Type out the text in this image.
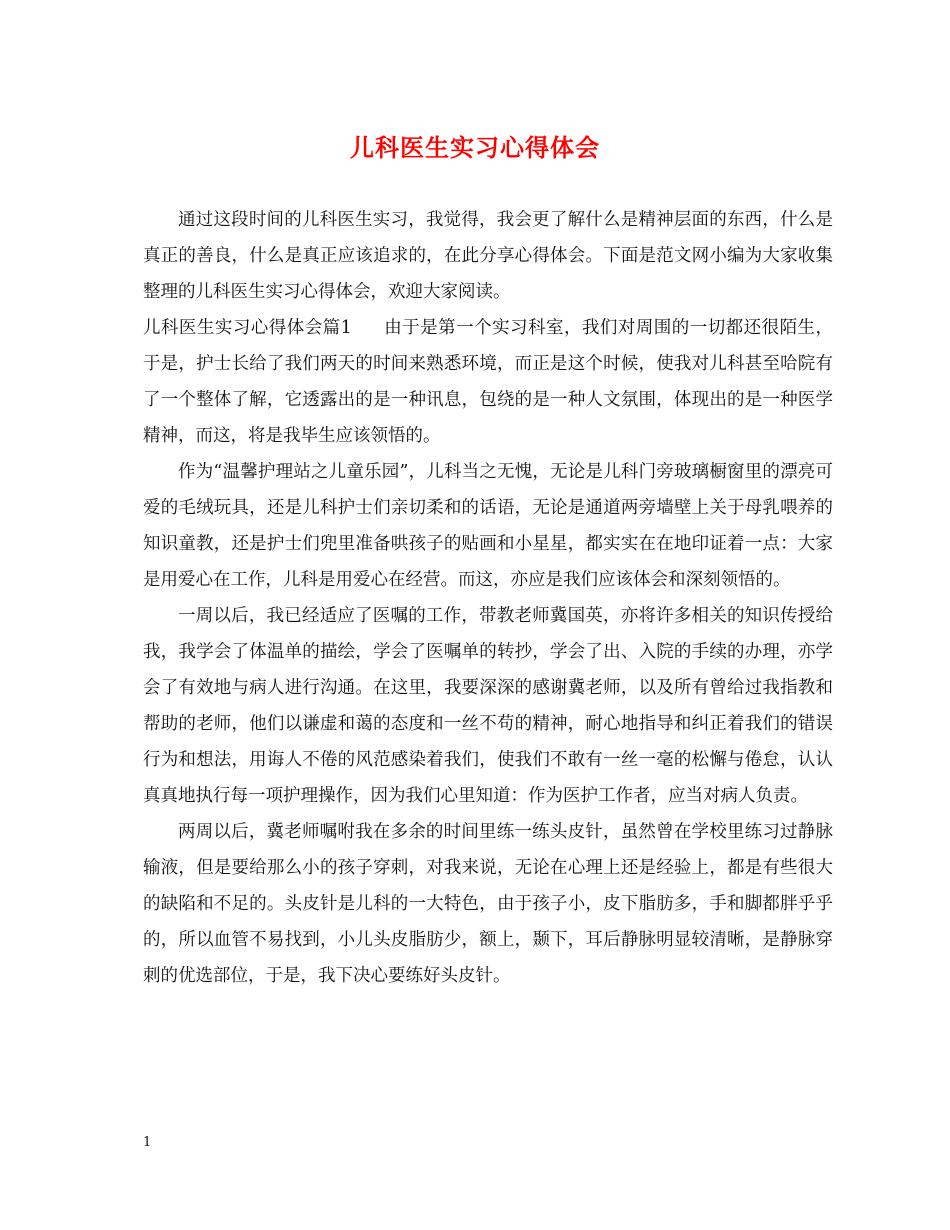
儿科医生实习心得体会

通过这段时间的儿科医生实习，我觉得，我会更了解什么是精神层面的东西，什么是真正的善良，什么是真正应该追求的，在此分享心得体会。下面是范文网小编为大家收集整理的儿科医生实习心得体会，欢迎大家阅读。

儿科医生实习心得体会篇1 由于是第一个实习科室，我们对周围的一切都还很陌生，于是，护士长给了我们两天的时间来熟悉环境，而正是这个时候，使我对儿科甚至哈院有了一个整体了解，它透露出的是一种讯息，包绕的是一种人文氛围，体现出的是一种医学精神，而这，将是我毕生应该领悟的。

作为“温馨护理站之儿童乐园”，儿科当之无愧，无论是儿科门旁玻璃橱窗里的漂亮可爱的毛绒玩具，还是儿科护士们亲切柔和的话语，无论是通道两旁墙壁上关于母乳喂养的知识童教，还是护士们兜里准备哄孩子的贴画和小星星，都实实在在地印证着一点：大家是用爱心在工作，儿科是用爱心在经营。而这，亦应是我们应该体会和深刻领悟的。

一周以后，我已经适应了医嘱的工作，带教老师冀国英，亦将许多相关的知识传授给我，我学会了体温单的描绘，学会了医嘱单的转抄，学会了出、入院的手续的办理，亦学会了有效地与病人进行沟通。在这里，我要深深的感谢冀老师，以及所有曾给过我指教和帮助的老师，他们以谦虚和蔼的态度和一丝不苟的精神，耐心地指导和纠正着我们的错误行为和想法，用诲人不倦的风范感染着我们，使我们不敢有一丝一毫的松懈与倦怠，认认真真地执行每一项护理操作，因为我们心里知道：作为医护工作者，应当对病人负责。

两周以后，冀老师嘱咐我在多余的时间里练一练头皮针，虽然曾在学校里练习过静脉输液，但是要给那么小的孩子穿刺，对我来说，无论在心理上还是经验上，都是有些很大的缺陷和不足的。头皮针是儿科的一大特色，由于孩子小，皮下脂肪多，手和脚都胖乎乎的，所以血管不易找到，小儿头皮脂肪少，额上，颞下，耳后静脉明显较清晰，是静脉穿刺的优选部位，于是，我下决心要练好头皮针。

1
